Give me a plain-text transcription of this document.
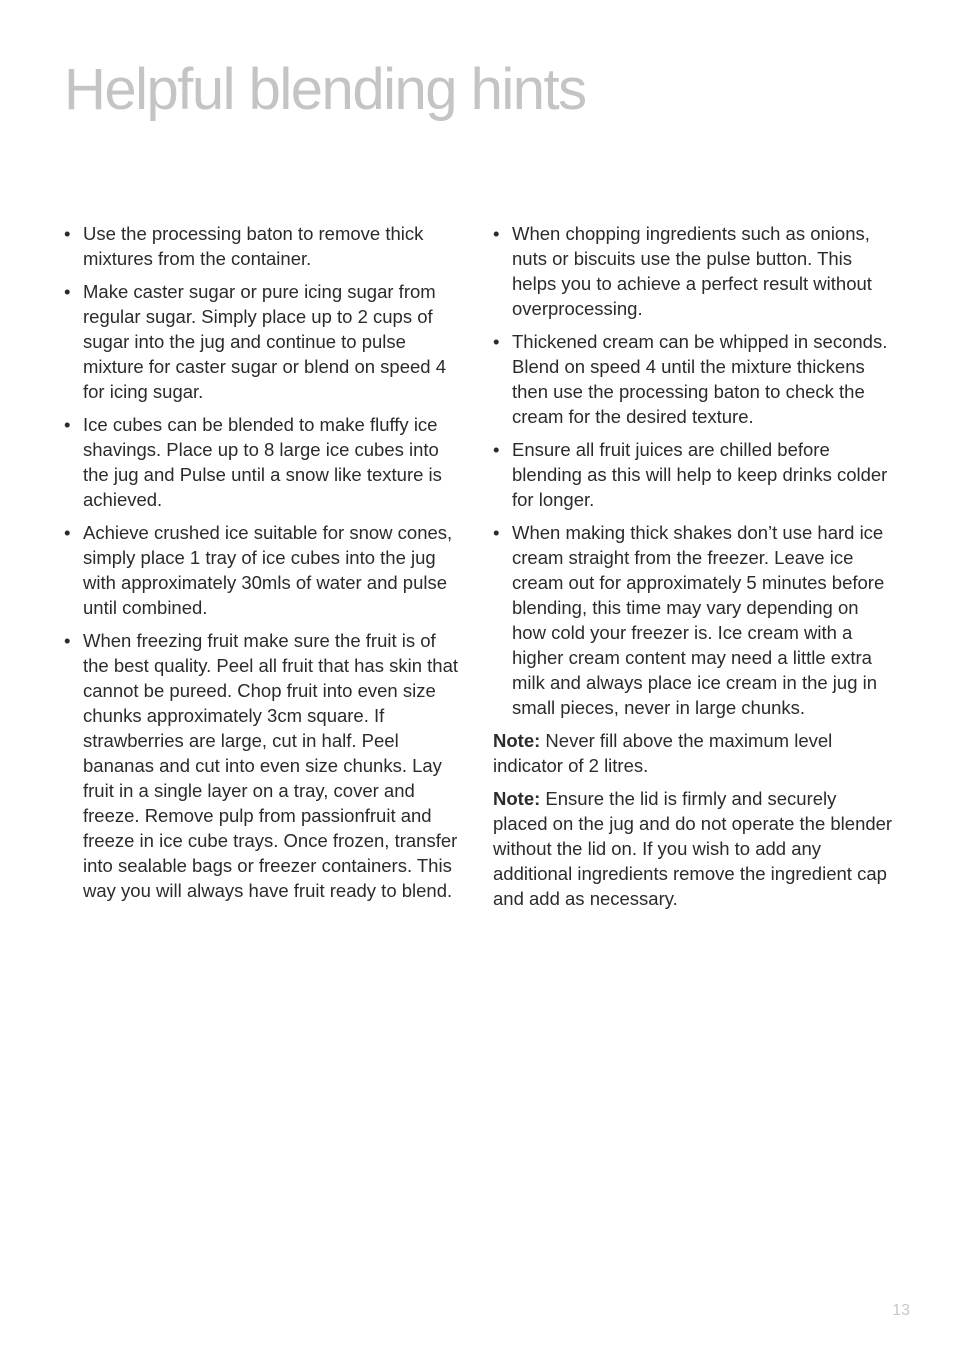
Helpful blending hints
• Use the processing baton to remove thick mixtures from the container.
• Make caster sugar or pure icing sugar from regular sugar. Simply place up to 2 cups of sugar into the jug and continue to pulse mixture for caster sugar or blend on speed 4 for icing sugar.
• Ice cubes can be blended to make fluffy ice shavings. Place up to 8 large ice cubes into the jug and Pulse until a snow like texture is achieved.
• Achieve crushed ice suitable for snow cones, simply place 1 tray of ice cubes into the jug with approximately 30mls of water and pulse until combined.
• When freezing fruit make sure the fruit is of the best quality. Peel all fruit that has skin that cannot be pureed. Chop fruit into even size chunks approximately 3cm square. If strawberries are large, cut in half. Peel bananas and cut into even size chunks. Lay fruit in a single layer on a tray, cover and freeze. Remove pulp from passionfruit and freeze in ice cube trays. Once frozen, transfer into sealable bags or freezer containers. This way you will always have fruit ready to blend.
• When chopping ingredients such as onions, nuts or biscuits use the pulse button. This helps you to achieve a perfect result without overprocessing.
• Thickened cream can be whipped in seconds. Blend on speed 4 until the mixture thickens then use the processing baton to check the cream for the desired texture.
• Ensure all fruit juices are chilled before blending as this will help to keep drinks colder for longer.
• When making thick shakes don’t use hard ice cream straight from the freezer. Leave ice cream out for approximately 5 minutes before blending, this time may vary depending on how cold your freezer is. Ice cream with a higher cream content may need a little extra milk and always place ice cream in the jug in small pieces, never in large chunks.

Note: Never fill above the maximum level indicator of 2 litres.

Note: Ensure the lid is firmly and securely placed on the jug and do not operate the blender without the lid on. If you wish to add any additional ingredients remove the ingredient cap and add as necessary.

13
